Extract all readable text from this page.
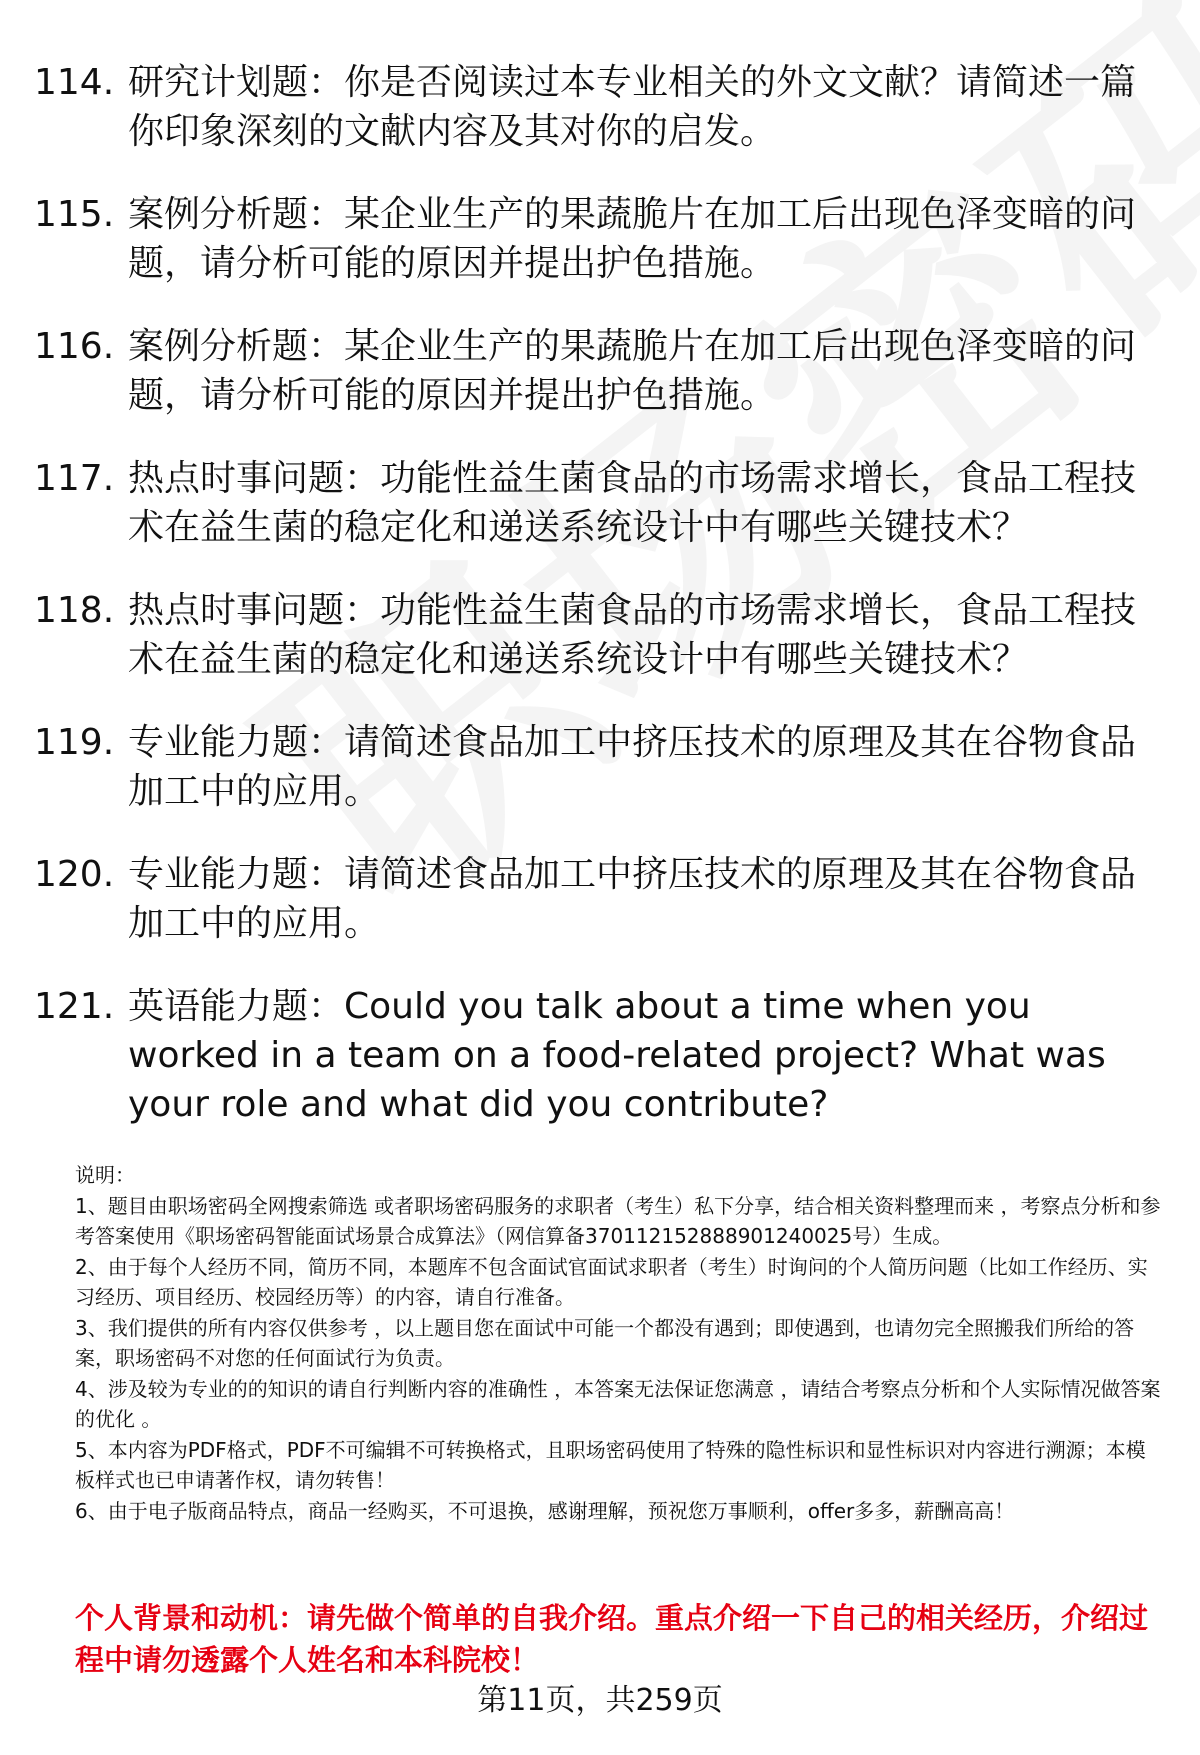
114. 研究计划题：你是否阅读过本专业相关的外文文献？请简述一篇你印象深刻的文献内容及其对你的启发。
115. 案例分析题：某企业生产的果蔬脆片在加工后出现色泽变暗的问题，请分析可能的原因并提出护色措施。
116. 案例分析题：某企业生产的果蔬脆片在加工后出现色泽变暗的问题，请分析可能的原因并提出护色措施。
117. 热点时事问题：功能性益生菌食品的市场需求增长，食品工程技术在益生菌的稳定化和递送系统设计中有哪些关键技术？
118. 热点时事问题：功能性益生菌食品的市场需求增长，食品工程技术在益生菌的稳定化和递送系统设计中有哪些关键技术？
119. 专业能力题：请简述食品加工中挤压技术的原理及其在谷物食品加工中的应用。
120. 专业能力题：请简述食品加工中挤压技术的原理及其在谷物食品加工中的应用。
121. 英语能力题：Could you talk about a time when you worked in a team on a food-related project? What was your role and what did you contribute?

说明：

1、题目由职场密码全网搜索筛选 或者职场密码服务的求职者（考生）私下分享，结合相关资料整理而来 ，考察点分析和参考答案使用《职场密码智能面试场景合成算法》（网信算备370112152888901240025号）生成。

2、由于每个人经历不同，简历不同，本题库不包含面试官面试求职者（考生）时询问的个人简历问题（比如工作经历、实习经历、项目经历、校园经历等）的内容，请自行准备。

3、我们提供的所有内容仅供参考 ，以上题目您在面试中可能一个都没有遇到；即使遇到，也请勿完全照搬我们所给的答案，职场密码不对您的任何面试行为负责。

4、涉及较为专业的的知识的请自行判断内容的准确性 ，本答案无法保证您满意 ，请结合考察点分析和个人实际情况做答案的优化 。

5、本内容为PDF格式，PDF不可编辑不可转换格式，且职场密码使用了特殊的隐性标识和显性标识对内容进行溯源；本模板样式也已申请著作权，请勿转售！

6、由于电子版商品特点，商品一经购买，不可退换，感谢理解，预祝您万事顺利，offer多多，薪酬高高！

个人背景和动机：请先做个简单的自我介绍。重点介绍一下自己的相关经历，介绍过程中请勿透露个人姓名和本科院校！
第11页，共259页
